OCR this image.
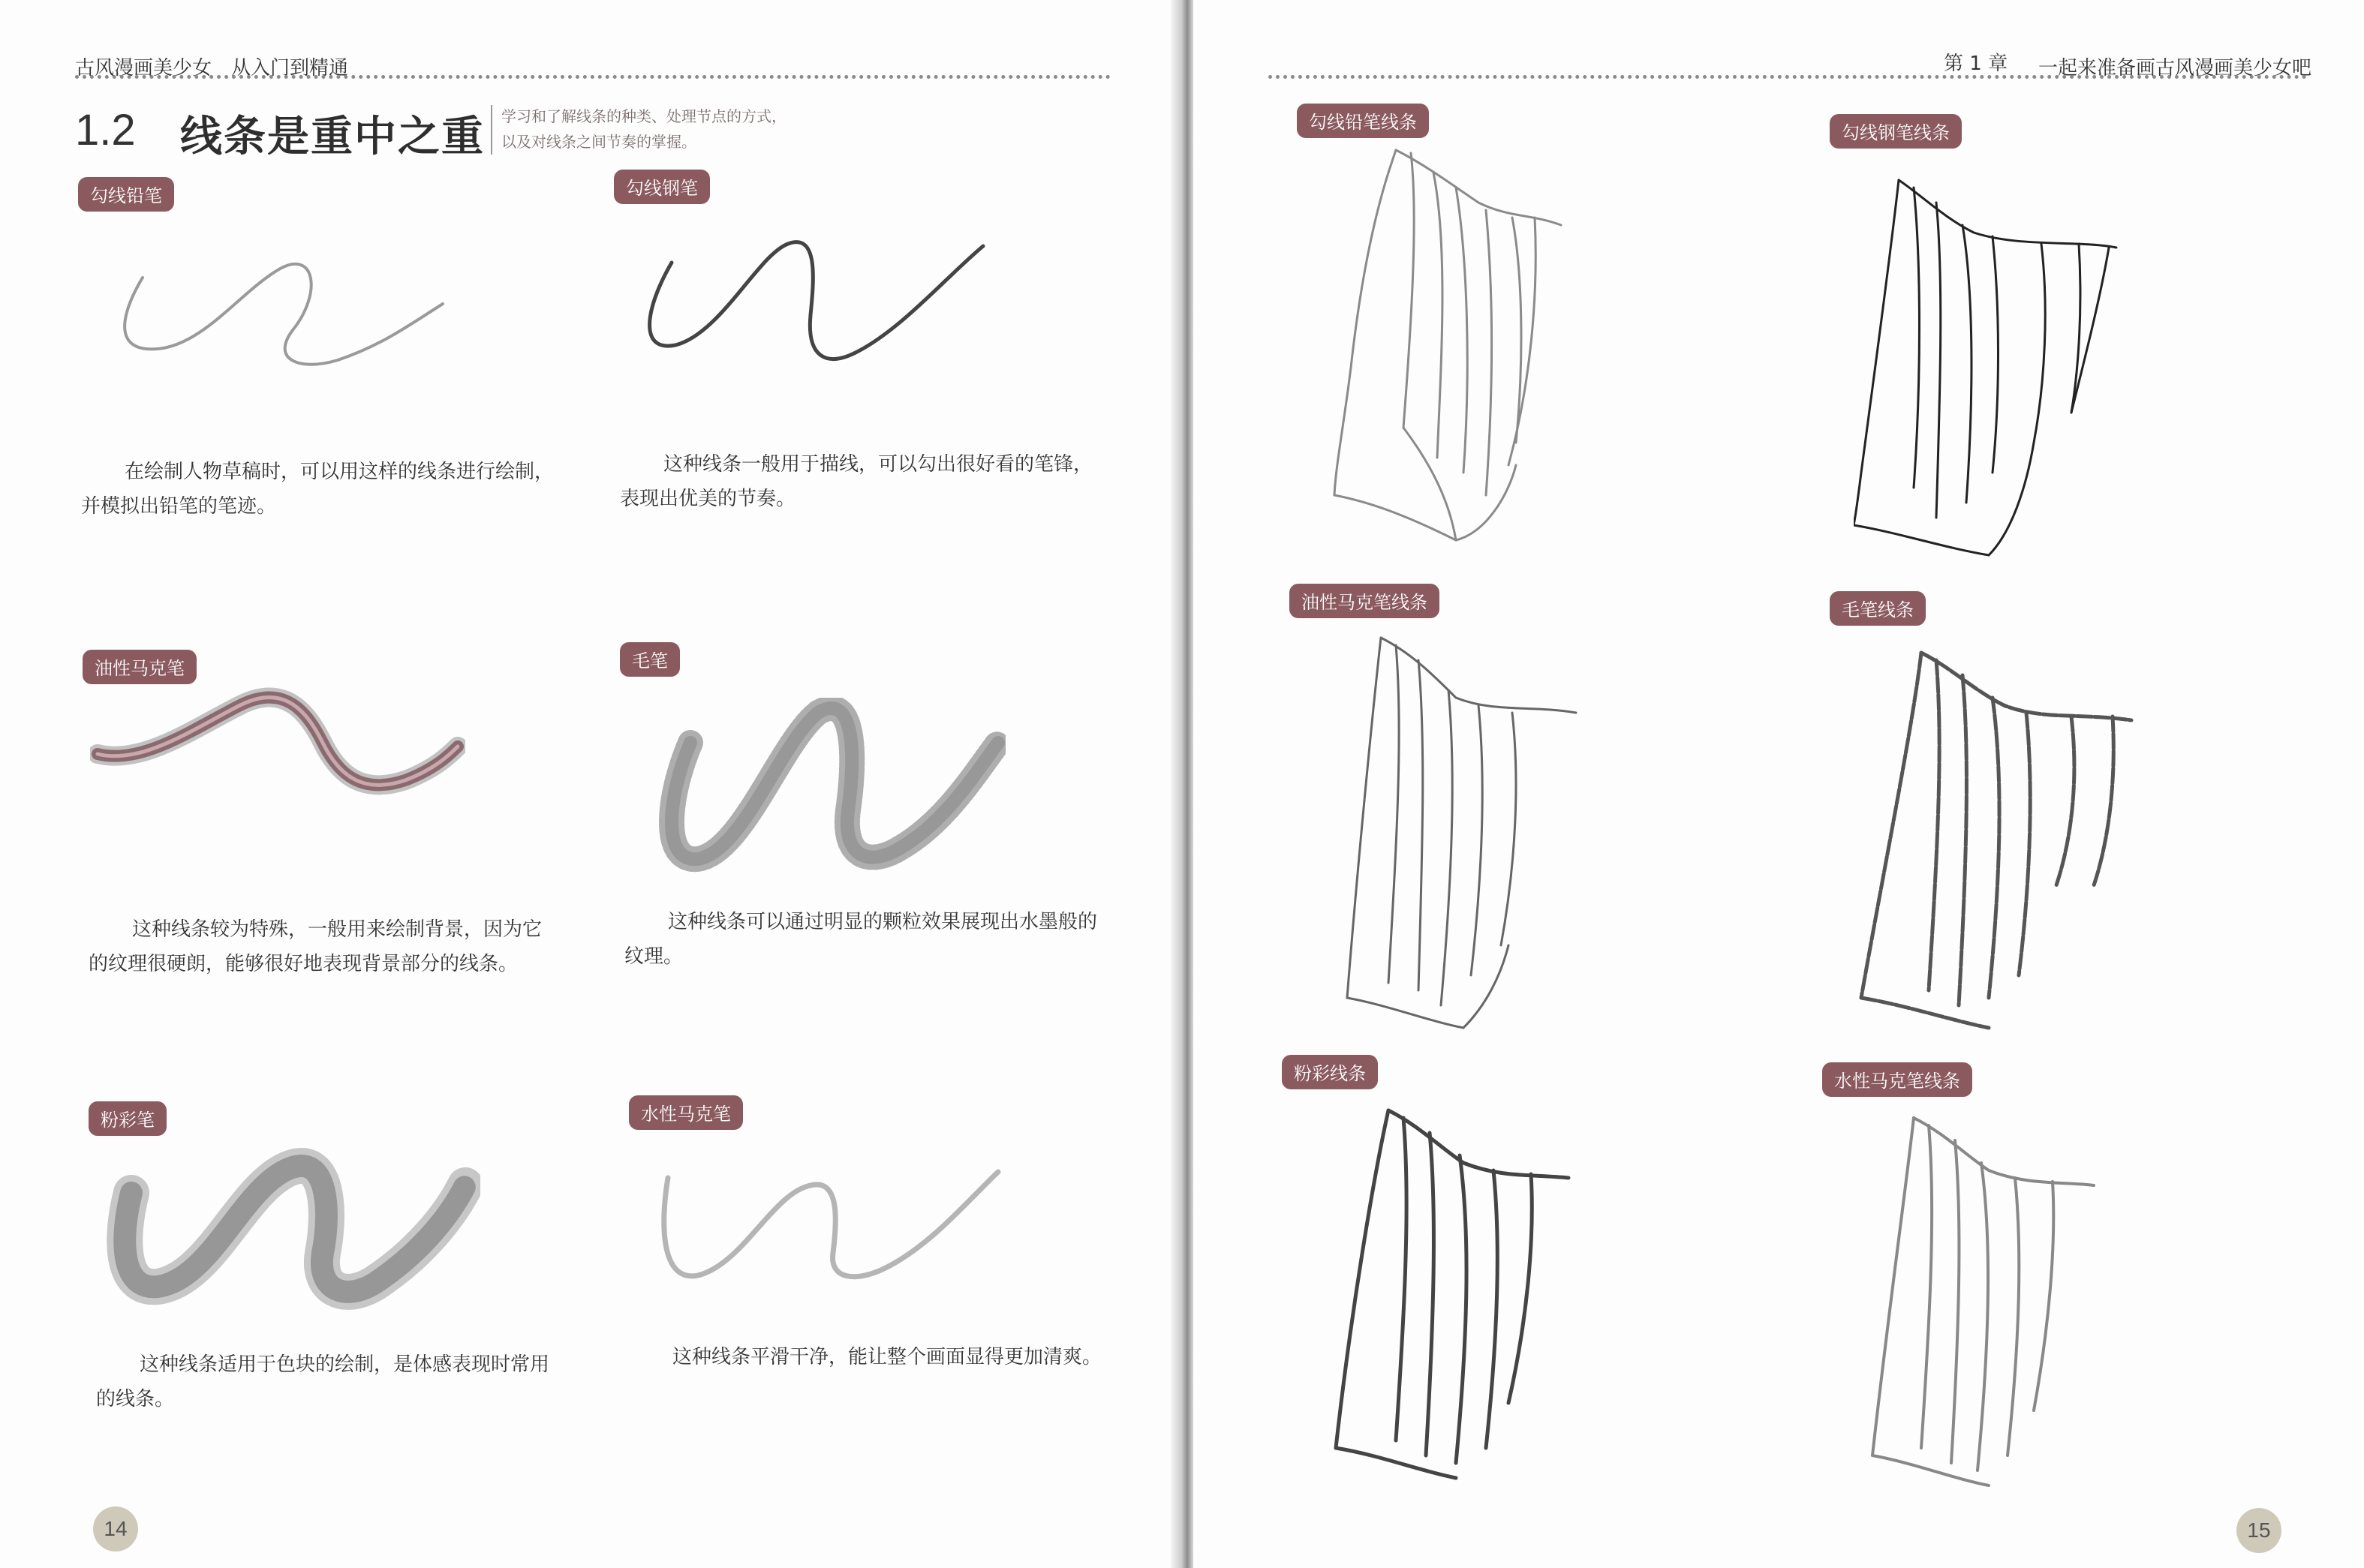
古风漫画美少女　从入门到精通
1.2 线条是重中之重 学习和了解线条的种类、处理节点的方式，
以及对线条之间节奏的掌握。
勾线铅笔
在绘制人物草稿时，可以用这样的线条进行绘制，并模拟出铅笔的笔迹。
勾线钢笔
这种线条一般用于描线，可以勾出很好看的笔锋，表现出优美的节奏。
油性马克笔
这种线条较为特殊，一般用来绘制背景，因为它的纹理很硬朗，能够很好地表现背景部分的线条。
毛笔
这种线条可以通过明显的颗粒效果展现出水墨般的纹理。
粉彩笔
这种线条适用于色块的绘制，是体感表现时常用的线条。
水性马克笔
这种线条平滑干净，能让整个画面显得更加清爽。
14
第 1 章 一起来准备画古风漫画美少女吧
勾线铅笔线条	勾线钢笔线条
油性马克笔线条	毛笔线条
粉彩线条	水性马克笔线条
15
